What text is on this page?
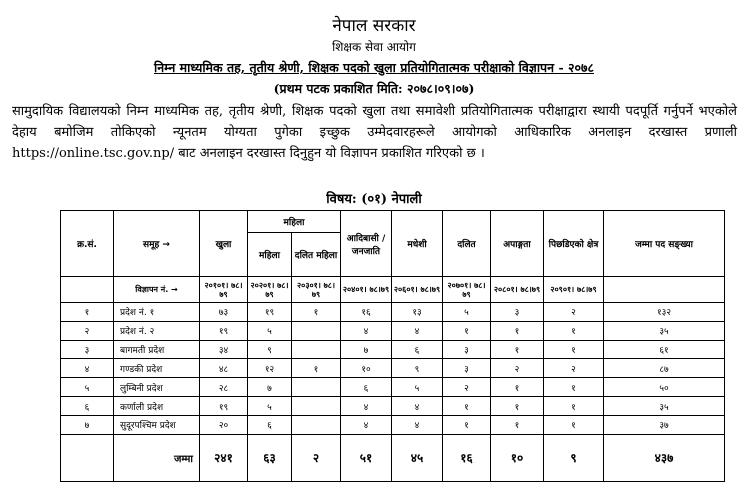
नेपाल सरकार
शिक्षक सेवा आयोग
निम्न माध्यमिक तह, तृतीय श्रेणी, शिक्षक पदको खुला प्रतियोगितात्मक परीक्षाको विज्ञापन - २०७८
(प्रथम पटक प्रकाशित मिति: २०७८।०९।०७)
सामुदायिक विद्यालयको निम्न माध्यमिक तह, तृतीय श्रेणी, शिक्षक पदको खुला तथा समावेशी प्रतियोगितात्मक परीक्षाद्वारा स्थायी पदपूर्ति गर्नुपर्ने भएकोले देहाय बमोजिम तोकिएको न्यूनतम योग्यता पुगेका इच्छुक उम्मेदवारहरूले आयोगको आधिकारिक अनलाइन दरखास्त प्रणाली https://online.tsc.gov.np/ बाट अनलाइन दरखास्त दिनुहुन यो विज्ञापन प्रकाशित गरिएको छ ।
विषय: (०१) नेपाली
क्र.सं.	समूह →	खुला	महिला		आदिबासी / जनजाति	मधेशी	दलित	अपाङ्गता	पिछडिएको क्षेत्र	जम्मा पद सङ्ख्या
			महिला	दलित महिला						
	विज्ञापन नं. →	२०१०१। ७८।७९	२०२०१। ७८।७९	२०३०१। ७८।७९	२०४०१। ७८।७९	२०६०१। ७८।७९	२०७०१। ७८।७९	२०८०१। ७८।७९	२०९०१। ७८।७९	
१	प्रदेश नं. १	७३	१९	१	१६	१३	५	३	२	१३२
२	प्रदेश नं. २	१९	५		४	४	१	१	१	३५
३	बागमती प्रदेश	३४	९		७	६	३	१	१	६१
४	गण्डकी प्रदेश	४८	१२	१	१०	९	३	२	२	८७
५	लुम्बिनी प्रदेश	२८	७		६	५	२	१	१	५०
६	कर्णाली प्रदेश	१९	५		४	४	१	१	१	३५
७	सुदूरपश्चिम प्रदेश	२०	६		४	४	१	१	१	३७
	जम्मा	२४१	६३	२	५१	४५	१६	१०	९	४३७
